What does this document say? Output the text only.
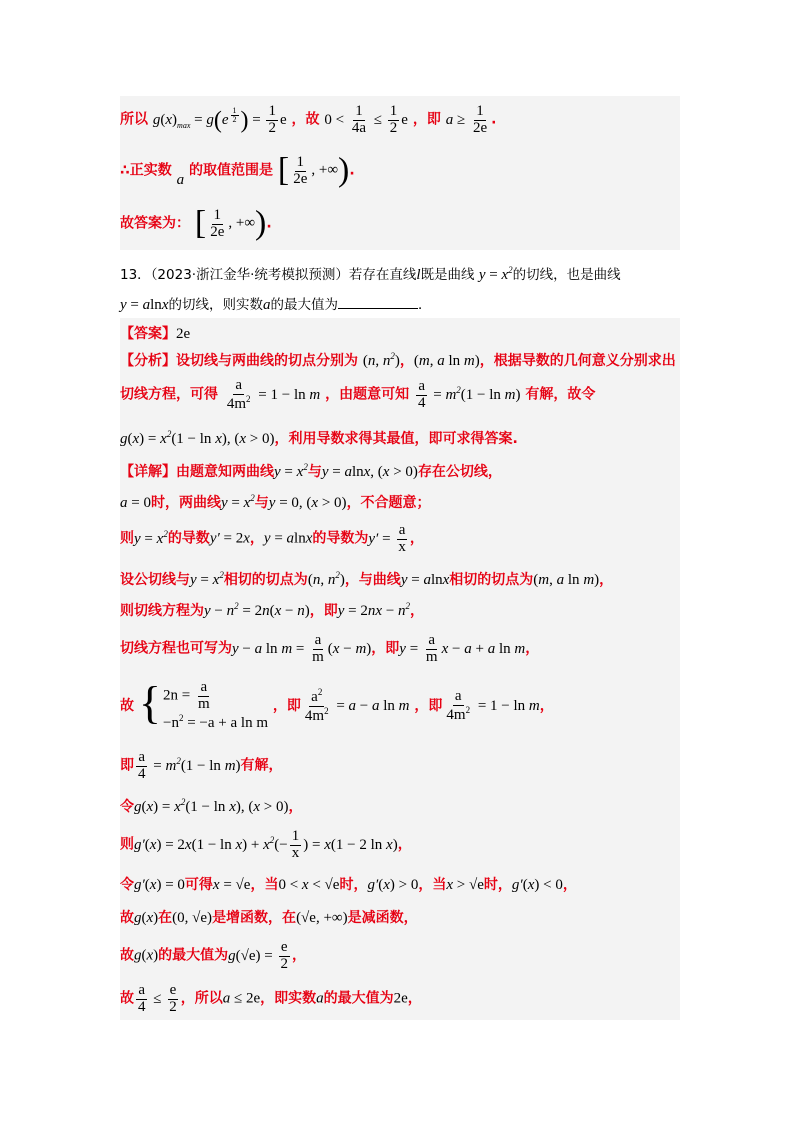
所以 $g(x)_{max} = g(e$ $^{\frac{1}{2}}$ ) = $\frac{1}{2}$ e ，故 $0 < \frac{1}{4a} \le \frac{1}{2}$ e ，即 $a \ge \frac{1}{2e}$ .
∴正实数 a 的取值范围是 [ $\frac{1}{2e}$ , +∞).
故答案为： [ $\frac{1}{2e}$ , +∞).
13．（2023·浙江金华·统考模拟预测）若存在直线l既是曲线 $y = x^2$的切线，也是曲线
y = alnx的切线，则实数a的最大值为	．
【答案】2e
【分析】设切线与两曲线的切点分别为 (n, $n^2$)，(m, a ln m)，根据导数的几何意义分别求出
切线方程，可得 $\frac{a}{4m^2} = 1 - \ln m$ ，由题意可知 $\frac{a}{4} = m^2(1 - \ln m)$ 有解，故令
$g(x) = x^2(1 - \ln x)$, (x > 0)，利用导数求得其最值，即可求得答案.
【详解】由题意知两曲线$y = x^2$与y = alnx, (x > 0)存在公切线，
a = 0时，两曲线$y = x^2$与y = 0, (x > 0)，不合题意；
则$y = x^2$的导数y′ = 2x，y = alnx的导数为$y' = \frac{a}{x}$ ，
设公切线与$y = x^2$相切的切点为(n, $n^2$)，与曲线y = alnx相切的切点为(m, a ln m)，
则切线方程为$y - n^2 = 2n(x - n)$，即$y = 2nx - n^2$，
切线方程也可写为y − a $\ln m = \frac{a}{m} (x - m)$，即$y = \frac{a}{m}$ x − a + a ln m，
故 { $2n = \frac{a}{m}$
$-n^2 = -a + a$ ln m
，即 $\frac{a^2}{4m^2} = a - a$ ln m ，即 $\frac{a}{4m^2} = 1 - \ln m$，
即 $\frac{a}{4} = m^2(1 - \ln m)$有解，
令$g(x) = x^2(1 - \ln x)$, (x > 0)，
则$g'(x) = 2x(1 - \ln x) + x^2(- \frac{1}{x}$ ) = x(1 − 2 ln x)，
令g′(x) = 0可得x = √e，当0 < x < √e时，g′(x) > 0，当x > √e时，g′(x) < 0，
故g(x)在(0, √e)是增函数，在(√e, +∞)是减函数，
故g(x)的最大值为$g(√e) = \frac{e}{2}$ ，
故 $\frac{a}{4} \le \frac{e}{2}$ ，所以a ≤ 2e，即实数a的最大值为2e，
